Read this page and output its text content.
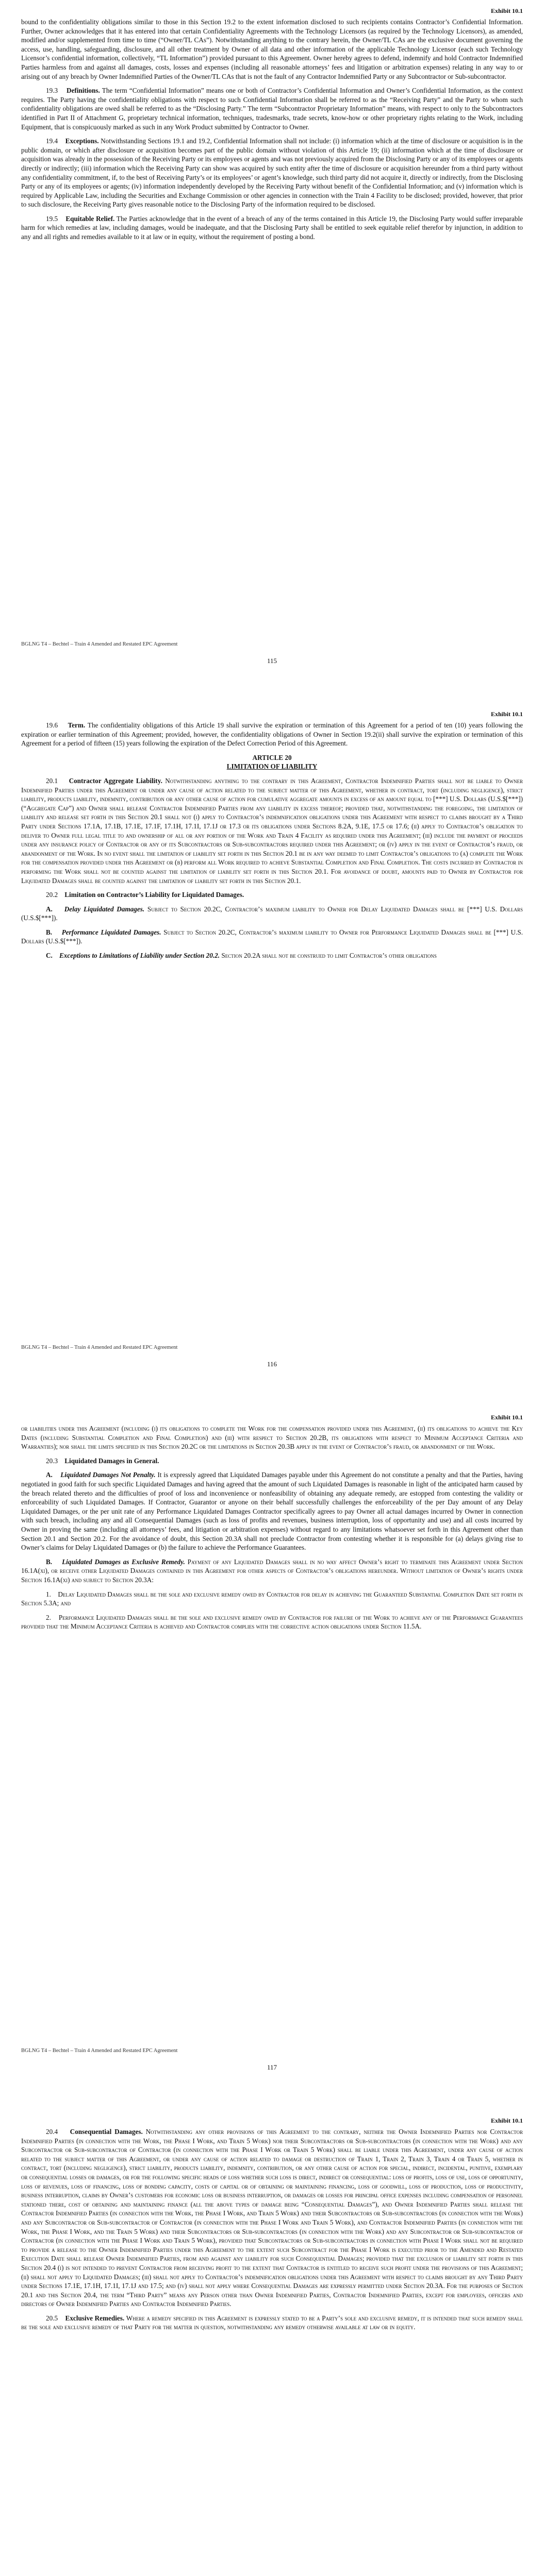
Exhibit 10.1

bound to the confidentiality obligations similar to those in this Section 19.2 to the extent information disclosed to such recipients contains Contractor’s Confidential Information. Further, Owner acknowledges that it has entered into that certain Confidentiality Agreements with the Technology Licensors (as required by the Technology Licensors), as amended, modified and/or supplemented from time to time (“Owner/TL CAs”). Notwithstanding anything to the contrary herein, the Owner/TL CAs are the exclusive document governing the access, use, handling, safeguarding, disclosure, and all other treatment by Owner of all data and other information of the applicable Technology Licensor (each such Technology Licensor’s confidential information, collectively, “TL Information”) provided pursuant to this Agreement. Owner hereby agrees to defend, indemnify and hold Contractor Indemnified Parties harmless from and against all damages, costs, losses and expenses (including all reasonable attorneys’ fees and litigation or arbitration expenses) relating in any way to or arising out of any breach by Owner Indemnified Parties of the Owner/TL CAs that is not the fault of any Contractor Indemnified Party or any Subcontractor or Sub-subcontractor.

19.3 Definitions. The term “Confidential Information” means one or both of Contractor’s Confidential Information and Owner’s Confidential Information, as the context requires. The Party having the confidentiality obligations with respect to such Confidential Information shall be referred to as the “Receiving Party” and the Party to whom such confidentiality obligations are owed shall be referred to as the “Disclosing Party.” The term “Subcontractor Proprietary Information” means, with respect to only to the Subcontractors identified in Part II of Attachment G, proprietary technical information, techniques, tradesmarks, trade secrets, know-how or other proprietary rights relating to the Work, including Equipment, that is conspicuously marked as such in any Work Product submitted by Contractor to Owner.

19.4 Exceptions. Notwithstanding Sections 19.1 and 19.2, Confidential Information shall not include: (i) information which at the time of disclosure or acquisition is in the public domain, or which after disclosure or acquisition becomes part of the public domain without violation of this Article 19; (ii) information which at the time of disclosure or acquisition was already in the possession of the Receiving Party or its employees or agents and was not previously acquired from the Disclosing Party or any of its employees or agents directly or indirectly; (iii) information which the Receiving Party can show was acquired by such entity after the time of disclosure or acquisition hereunder from a third party without any confidentiality commitment, if, to the best of Receiving Party’s or its employees’ or agent’s knowledge, such third party did not acquire it, directly or indirectly, from the Disclosing Party or any of its employees or agents; (iv) information independently developed by the Receiving Party without benefit of the Confidential Information; and (v) information which is required by Applicable Law, including the Securities and Exchange Commission or other agencies in connection with the Train 4 Facility to be disclosed; provided, however, that prior to such disclosure, the Receiving Party gives reasonable notice to the Disclosing Party of the information required to be disclosed.

19.5 Equitable Relief. The Parties acknowledge that in the event of a breach of any of the terms contained in this Article 19, the Disclosing Party would suffer irreparable harm for which remedies at law, including damages, would be inadequate, and that the Disclosing Party shall be entitled to seek equitable relief therefor by injunction, in addition to any and all rights and remedies available to it at law or in equity, without the requirement of posting a bond.

BGLNG T4 – Bechtel – Train 4 Amended and Restated EPC Agreement
115
Exhibit 10.1

19.6 Term. The confidentiality obligations of this Article 19 shall survive the expiration or termination of this Agreement for a period of ten (10) years following the expiration or earlier termination of this Agreement; provided, however, the confidentiality obligations of Owner in Section 19.2(ii) shall survive the expiration or termination of this Agreement for a period of fifteen (15) years following the expiration of the Defect Correction Period of this Agreement.

ARTICLE 20
LIMITATION OF LIABILITY

20.1 Contractor Aggregate Liability. Notwithstanding anything to the contrary in this Agreement, Contractor Indemnified Parties shall not be liable to Owner Indemnified Parties under this Agreement or under any cause of action related to the subject matter of this Agreement, whether in contract, tort (including negligence), strict liability, products liability, indemnity, contribution or any other cause of action for cumulative aggregate amounts in excess of an amount equal to [***] U.S. Dollars (U.S.$[***]) (“Aggregate Cap”) and Owner shall release Contractor Indemnified Parties from any liability in excess thereof; provided that, notwithstanding the foregoing, the limitation of liability and release set forth in this Section 20.1 shall not (i) apply to Contractor’s indemnification obligations under this Agreement with respect to claims brought by a Third Party under Sections 17.1A, 17.1B, 17.1E, 17.1F, 17.1H, 17.1I, 17.1J or 17.3 or its obligations under Sections 8.2A, 9.1E, 17.5 or 17.6; (ii) apply to Contractor’s obligation to deliver to Owner full legal title to and ownership of all or any portion of the Work and Train 4 Facility as required under this Agreement; (iii) include the payment of proceeds under any insurance policy of Contractor or any of its Subcontractors or Sub-subcontractors required under this Agreement; or (iv) apply in the event of Contractor’s fraud, or abandonment of the Work. In no event shall the limitation of liability set forth in this Section 20.1 be in any way deemed to limit Contractor’s obligations to (a) complete the Work for the compensation provided under this Agreement or (b) perform all Work required to achieve Substantial Completion and Final Completion. The costs incurred by Contractor in performing the Work shall not be counted against the limitation of liability set forth in this Section 20.1. For avoidance of doubt, amounts paid to Owner by Contractor for Liquidated Damages shall be counted against the limitation of liability set forth in this Section 20.1.

20.2 Limitation on Contractor’s Liability for Liquidated Damages.

A. Delay Liquidated Damages. Subject to Section 20.2C, Contractor’s maximum liability to Owner for Delay Liquidated Damages shall be [***] U.S. Dollars (U.S.$[***]).

B. Performance Liquidated Damages. Subject to Section 20.2C, Contractor’s maximum liability to Owner for Performance Liquidated Damages shall be [***] U.S. Dollars (U.S.$[***]).

C. Exceptions to Limitations of Liability under Section 20.2. Section 20.2A shall not be construed to limit Contractor’s other obligations

BGLNG T4 – Bechtel – Train 4 Amended and Restated EPC Agreement
116
Exhibit 10.1

or liabilities under this Agreement (including (i) its obligations to complete the Work for the compensation provided under this Agreement, (ii) its obligations to achieve the Key Dates (including Substantial Completion and Final Completion) and (iii) with respect to Section 20.2B, its obligations with respect to Minimum Acceptance Criteria and Warranties); nor shall the limits specified in this Section 20.2C or the limitations in Section 20.3B apply in the event of Contractor’s fraud, or abandonment of the Work.

20.3 Liquidated Damages in General.

A. Liquidated Damages Not Penalty. It is expressly agreed that Liquidated Damages payable under this Agreement do not constitute a penalty and that the Parties, having negotiated in good faith for such specific Liquidated Damages and having agreed that the amount of such Liquidated Damages is reasonable in light of the anticipated harm caused by the breach related thereto and the difficulties of proof of loss and inconvenience or nonfeasibility of obtaining any adequate remedy, are estopped from contesting the validity or enforceability of such Liquidated Damages. If Contractor, Guarantor or anyone on their behalf successfully challenges the enforceability of the per Day amount of any Delay Liquidated Damages, or the per unit rate of any Performance Liquidated Damages Contractor specifically agrees to pay Owner all actual damages incurred by Owner in connection with such breach, including any and all Consequential Damages (such as loss of profits and revenues, business interruption, loss of opportunity and use) and all costs incurred by Owner in proving the same (including all attorneys’ fees, and litigation or arbitration expenses) without regard to any limitations whatsoever set forth in this Agreement other than Section 20.1 and Section 20.2. For the avoidance of doubt, this Section 20.3A shall not preclude Contractor from contesting whether it is responsible for (a) delays giving rise to Owner’s claims for Delay Liquidated Damages or (b) the failure to achieve the Performance Guarantees.

B. Liquidated Damages as Exclusive Remedy. Payment of any Liquidated Damages shall in no way affect Owner’s right to terminate this Agreement under Section 16.1A(xi), or receive other Liquidated Damages contained in this Agreement for other aspects of Contractor’s obligations hereunder. Without limitation of Owner’s rights under Section 16.1A(xi) and subject to Section 20.3A:

1. Delay Liquidated Damages shall be the sole and exclusive remedy owed by Contractor for delay in achieving the Guaranteed Substantial Completion Date set forth in Section 5.3A; and

2. Performance Liquidated Damages shall be the sole and exclusive remedy owed by Contractor for failure of the Work to achieve any of the Performance Guarantees provided that the Minimum Acceptance Criteria is achieved and Contractor complies with the corrective action obligations under Section 11.5A.

BGLNG T4 – Bechtel – Train 4 Amended and Restated EPC Agreement
117
Exhibit 10.1

20.4 Consequential Damages. Notwithstanding any other provisions of this Agreement to the contrary, neither the Owner Indemnified Parties nor Contractor Indemnified Parties (in connection with the Work, the Phase I Work, and Train 5 Work) nor their Subcontractors or Sub-subcontractors (in connection with the Work) and any Subcontractor or Sub-subcontractor of Contractor (in connection with the Phase I Work or Train 5 Work) shall be liable under this Agreement, under any cause of action related to the subject matter of this Agreement, or under any cause of action related to damage or destruction of Train 1, Train 2, Train 3, Train 4 or Train 5, whether in contract, tort (including negligence), strict liability, products liability, indemnity, contribution, or any other cause of action for special, indirect, incidental, punitive, exemplary or consequential losses or damages, or for the following specific heads of loss whether such loss is direct, indirect or consequential: loss of profits, loss of use, loss of opportunity, loss of revenues, loss of financing, loss of bonding capacity, costs of capital or of obtaining or maintaining financing, loss of goodwill, loss of production, loss of productivity, business interruption, claims by Owner’s customers for economic loss or business interruption, or damages or losses for principal office expenses including compensation of personnel stationed there, cost of obtaining and maintaining finance (all the above types of damage being “Consequential Damages”), and Owner Indemnified Parties shall release the Contractor Indemnified Parties (in connection with the Work, the Phase I Work, and Train 5 Work) and their Subcontractors or Sub-subcontractors (in connection with the Work) and any Subcontractor or Sub-subcontractor of Contractor (in connection with the Phase I Work and Train 5 Work), and Contractor Indemnified Parties (in connection with the Work, the Phase I Work, and the Train 5 Work) and their Subcontractors or Sub-subcontractors (in connection with the Work) and any Subcontractor or Sub-subcontractor of Contractor (in connection with the Phase I Work and Train 5 Work), provided that Subcontractors or Sub-subcontractors in connection with Phase I Work shall not be required to provide a release to the Owner Indemnified Parties under this Agreement to the extent such Subcontract for the Phase I Work is executed prior to the Amended and Restated Execution Date shall release Owner Indemnified Parties, from and against any liability for such Consequential Damages; provided that the exclusion of liability set forth in this Section 20.4 (i) is not intended to prevent Contractor from receiving profit to the extent that Contractor is entitled to receive such profit under the provisions of this Agreement; (ii) shall not apply to Liquidated Damages; (iii) shall not apply to Contractor’s indemnification obligations under this Agreement with respect to claims brought by any Third Party under Sections 17.1E, 17.1H, 17.1I, 17.1J and 17.5; and (iv) shall not apply where Consequential Damages are expressly permitted under Section 20.3A. For the purposes of Section 20.1 and this Section 20.4, the term “Third Party” means any Person other than Owner Indemnified Parties, Contractor Indemnified Parties, except for employees, officers and directors of Owner Indemnified Parties and Contractor Indemnified Parties.

20.5 Exclusive Remedies. Where a remedy specified in this Agreement is expressly stated to be a Party’s sole and exclusive remedy, it is intended that such remedy shall be the sole and exclusive remedy of that Party for the matter in question, notwithstanding any remedy otherwise available at law or in equity.
